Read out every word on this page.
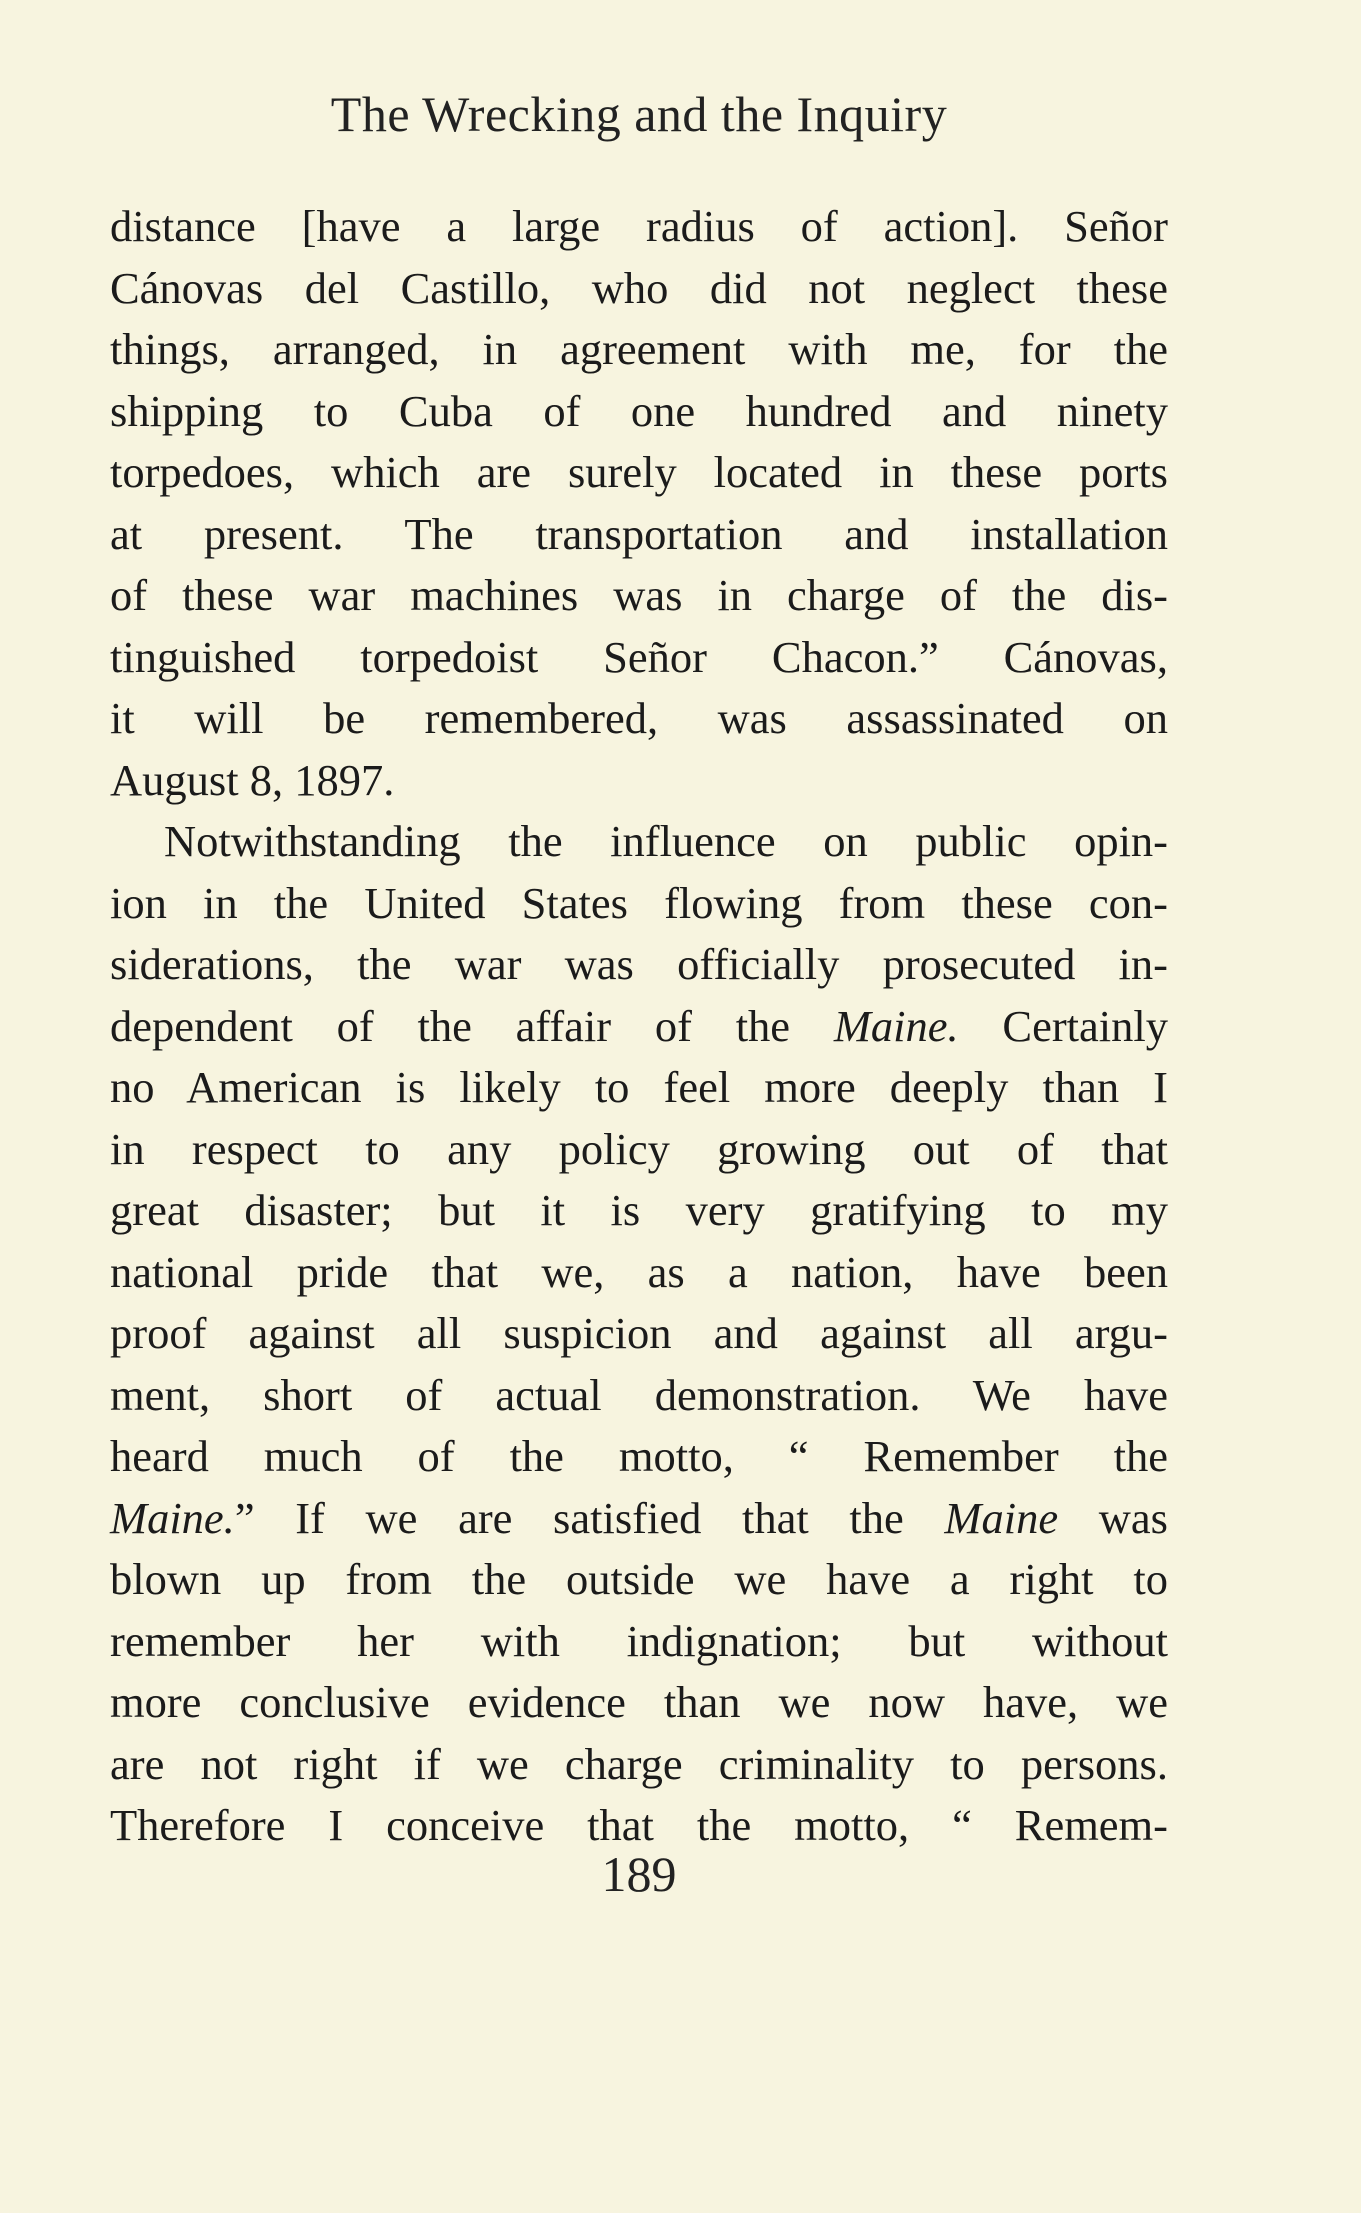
The Wrecking and the Inquiry
distance [have a large radius of action]. Señor
Cánovas del Castillo, who did not neglect these
things, arranged, in agreement with me, for the
shipping to Cuba of one hundred and ninety
torpedoes, which are surely located in these ports
at present. The transportation and installation
of these war machines was in charge of the dis-
tinguished torpedoist Señor Chacon.” Cánovas,
it will be remembered, was assassinated on
August 8, 1897.
Notwithstanding the influence on public opin-
ion in the United States flowing from these con-
siderations, the war was officially prosecuted in-
dependent of the affair of the Maine. Certainly
no American is likely to feel more deeply than I
in respect to any policy growing out of that
great disaster; but it is very gratifying to my
national pride that we, as a nation, have been
proof against all suspicion and against all argu-
ment, short of actual demonstration. We have
heard much of the motto, “ Remember the
Maine.” If we are satisfied that the Maine was
blown up from the outside we have a right to
remember her with indignation; but without
more conclusive evidence than we now have, we
are not right if we charge criminality to persons.
Therefore I conceive that the motto, “ Remem-
189
